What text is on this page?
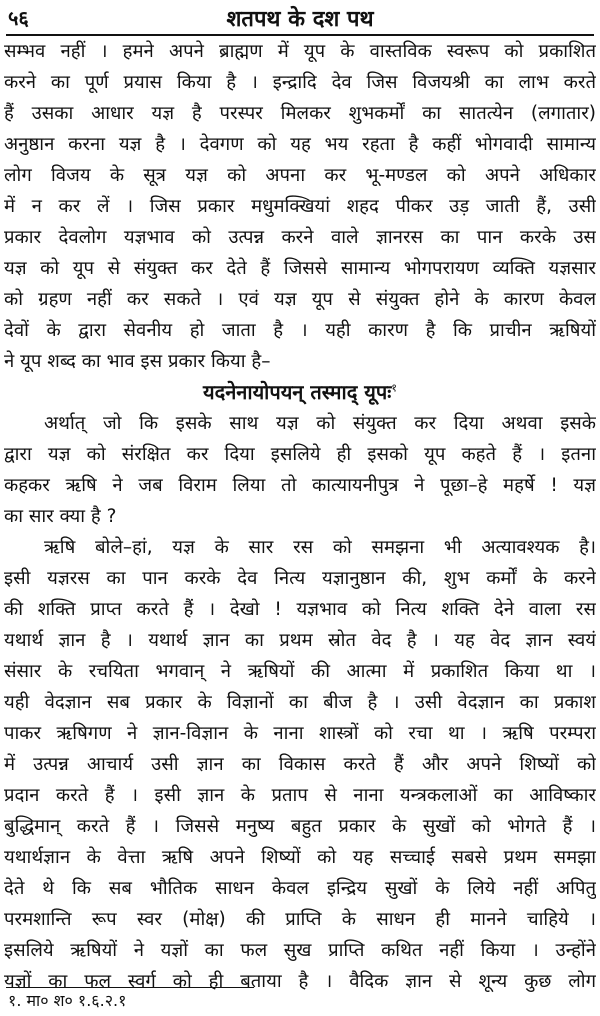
५६	शतपथ के दश पथ
सम्भव नहीं । हमने अपने ब्राह्मण में यूप के वास्तविक स्वरूप को प्रकाशित
करने का पूर्ण प्रयास किया है । इन्द्रादि देव जिस विजयश्री का लाभ करते
हैं उसका आधार यज्ञ है परस्पर मिलकर शुभकर्मों का सातत्येन (लगातार)
अनुष्ठान करना यज्ञ है । देवगण को यह भय रहता है कहीं भोगवादी सामान्य
लोग विजय के सूत्र यज्ञ को अपना कर भू-मण्डल को अपने अधिकार
में न कर लें । जिस प्रकार मधुमक्खियां शहद पीकर उड़ जाती हैं, उसी
प्रकार देवलोग यज्ञभाव को उत्पन्न करने वाले ज्ञानरस का पान करके उस
यज्ञ को यूप से संयुक्त कर देते हैं जिससे सामान्य भोगपरायण व्यक्ति यज्ञसार
को ग्रहण नहीं कर सकते । एवं यज्ञ यूप से संयुक्त होने के कारण केवल
देवों के द्वारा सेवनीय हो जाता है । यही कारण है कि प्राचीन ऋषियों
ने यूप शब्द का भाव इस प्रकार किया है–
यदनेनायोपयन् तस्माद् यूपः$^१$
अर्थात् जो कि इसके साथ यज्ञ को संयुक्त कर दिया अथवा इसके
द्वारा यज्ञ को संरक्षित कर दिया इसलिये ही इसको यूप कहते हैं । इतना
कहकर ऋषि ने जब विराम लिया तो कात्यायनीपुत्र ने पूछा–हे महर्षे ! यज्ञ
का सार क्या है ?
ऋषि बोले–हां, यज्ञ के सार रस को समझना भी अत्यावश्यक है।
इसी यज्ञरस का पान करके देव नित्य यज्ञानुष्ठान की, शुभ कर्मों के करने
की शक्ति प्राप्त करते हैं । देखो ! यज्ञभाव को नित्य शक्ति देने वाला रस
यथार्थ ज्ञान है । यथार्थ ज्ञान का प्रथम स्रोत वेद है । यह वेद ज्ञान स्वयं
संसार के रचयिता भगवान् ने ऋषियों की आत्मा में प्रकाशित किया था ।
यही वेदज्ञान सब प्रकार के विज्ञानों का बीज है । उसी वेदज्ञान का प्रकाश
पाकर ऋषिगण ने ज्ञान-विज्ञान के नाना शास्त्रों को रचा था । ऋषि परम्परा
में उत्पन्न आचार्य उसी ज्ञान का विकास करते हैं और अपने शिष्यों को
प्रदान करते हैं । इसी ज्ञान के प्रताप से नाना यन्त्रकलाओं का आविष्कार
बुद्धिमान् करते हैं । जिससे मनुष्य बहुत प्रकार के सुखों को भोगते हैं ।
यथार्थज्ञान के वेत्ता ऋषि अपने शिष्यों को यह सच्चाई सबसे प्रथम समझा
देते थे कि सब भौतिक साधन केवल इन्द्रिय सुखों के लिये नहीं अपितु
परमशान्ति रूप स्वर (मोक्ष) की प्राप्ति के साधन ही मानने चाहिये ।
इसलिये ऋषियों ने यज्ञों का फल सुख प्राप्ति कथित नहीं किया । उन्होंने
यज्ञों का फल स्वर्ग को ही बताया है । वैदिक ज्ञान से शून्य कुछ लोग
१. मा० श० १.६.२.१
